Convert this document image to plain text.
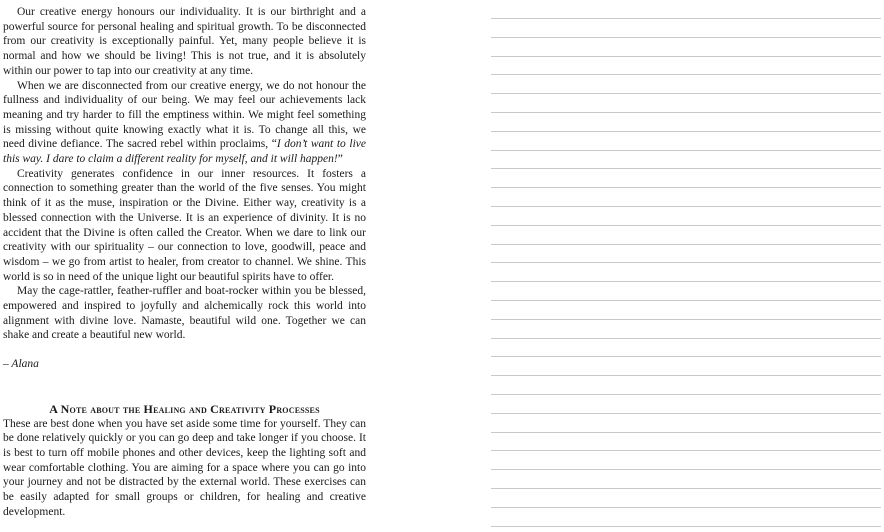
Our creative energy honours our individuality. It is our birthright and a powerful source for personal healing and spiritual growth. To be disconnected from our creativity is exceptionally painful. Yet, many people believe it is normal and how we should be living! This is not true, and it is absolutely within our power to tap into our creativity at any time.

When we are disconnected from our creative energy, we do not honour the fullness and individuality of our being. We may feel our achievements lack meaning and try harder to fill the emptiness within. We might feel something is missing without quite knowing exactly what it is. To change all this, we need divine defiance. The sacred rebel within proclaims, “I don’t want to live this way. I dare to claim a different reality for myself, and it will happen!”

Creativity generates confidence in our inner resources. It fosters a connection to something greater than the world of the five senses. You might think of it as the muse, inspiration or the Divine. Either way, creativity is a blessed connection with the Universe. It is an experience of divinity. It is no accident that the Divine is often called the Creator. When we dare to link our creativity with our spirituality – our connection to love, goodwill, peace and wisdom – we go from artist to healer, from creator to channel. We shine. This world is so in need of the unique light our beautiful spirits have to offer.

May the cage-rattler, feather-ruffler and boat-rocker within you be blessed, empowered and inspired to joyfully and alchemically rock this world into alignment with divine love. Namaste, beautiful wild one. Together we can shake and create a beautiful new world.

– Alana
A Note about the Healing and Creativity Processes

These are best done when you have set aside some time for yourself. They can be done relatively quickly or you can go deep and take longer if you choose. It is best to turn off mobile phones and other devices, keep the lighting soft and wear comfortable clothing. You are aiming for a space where you can go into your journey and not be distracted by the external world. These exercises can be easily adapted for small groups or children, for healing and creative development.
